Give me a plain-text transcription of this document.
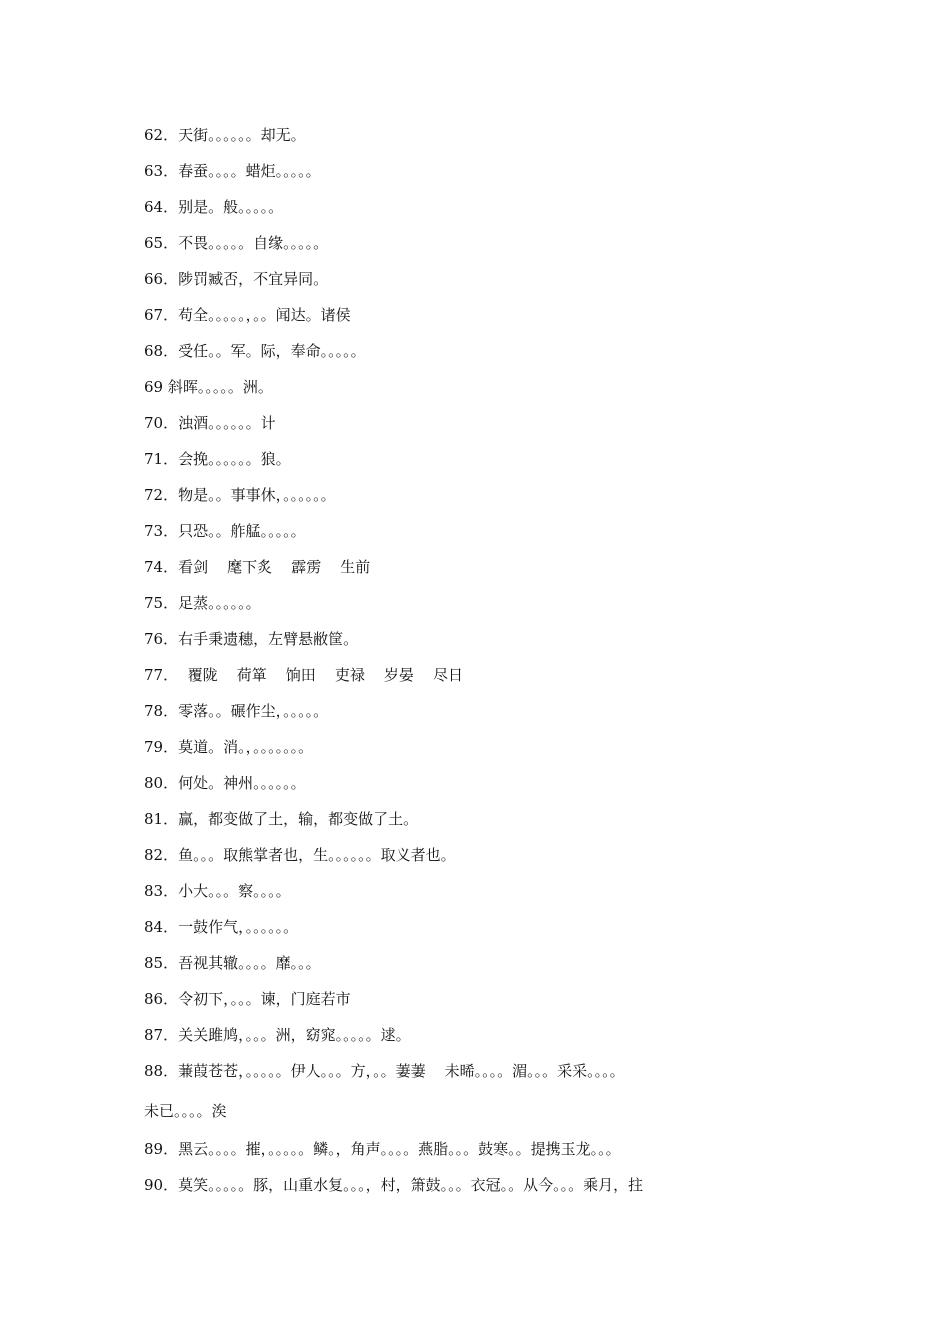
62．天街。。。。。。却无。
63．春蚕。。。。蜡炬。。。。。
64．别是。般。。。。。
65．不畏。。。。。自缘。。。。。
66．陟罚臧否，不宜异同。
67．苟全。。。。。，。。闻达。诸侯
68．受任。。军。际，奉命。。。。。
69 斜晖。。。。。洲。
70．浊酒。。。。。。计
71．会挽。。。。。。狼。
72．物是。。事事休，。。。。。。
73．只恐。。舴艋。。。。。
74．看剑    麾下炙    霹雳    生前
75．足蒸。。。。。。
76．右手秉遗穗，左臂悬敝筐。
77．  覆陇    荷箪    饷田    吏禄    岁晏    尽日
78．零落。。碾作尘，。。。。。
79．莫道。消。，。。。。。。。
80．何处。神州。。。。。。
81．赢，都变做了土，输，都变做了土。
82．鱼。。。取熊掌者也，生。。。。。。取义者也。
83．小大。。。察。。。。
84．一鼓作气，。。。。。。
85．吾视其辙。。。。靡。。。
86．令初下，。。。谏，门庭若市
87．关关雎鸠，。。。洲，窈窕。。。。。逑。
88．蒹葭苍苍，。。。。。伊人。。。方，。。萋萋    未晞。。。。湄。。。采采。。。。
未已。。。。涘
89．黑云。。。。摧，。。。。。鳞。，角声。。。。燕脂。。。鼓寒。。提携玉龙。。。
90．莫笑。。。。。豚，山重水复。。。，村，箫鼓。。。衣冠。。从今。。。乘月，拄
